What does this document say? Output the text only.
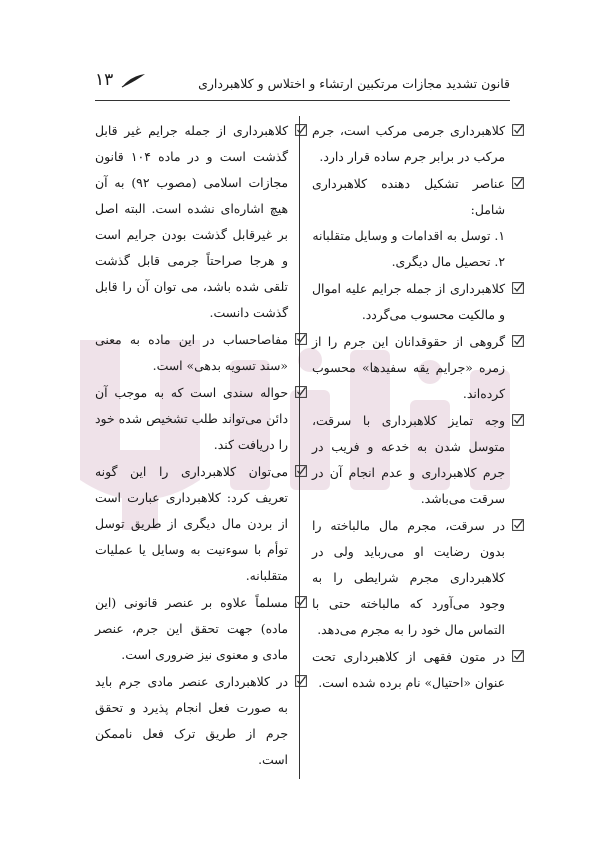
قانون تشدید مجازات مرتکبین ارتشاء و اختلاس و کلاهبرداری
۱۳
کلاهبرداری جرمی مرکب است، جرم مرکب در برابر جرم ساده قرار دارد.
عناصر تشکیل دهنده کلاهبرداری شامل:
۱. توسل به اقدامات و وسایل متقلبانه
۲. تحصیل مال دیگری.
کلاهبرداری از جمله جرایم علیه اموال و مالکیت محسوب می‌گردد.
گروهی از حقوقدانان این جرم را از زمره «جرایم یقه سفیدها» محسوب کرده‌اند.
وجه تمایز کلاهبرداری با سرقت، متوسل شدن به خدعه و فریب در جرم کلاهبرداری و عدم انجام آن در سرقت می‌باشد.
در سرقت، مجرم مال مالباخته را بدون رضایت او می‌رباید ولی در کلاهبرداری مجرم شرایطی را به وجود می‌آورد که مالباخته حتی با التماس مال خود را به مجرم می‌دهد.
در متون فقهی از کلاهبرداری تحت عنوان «احتیال» نام برده شده است.
کلاهبرداری از جمله جرایم غیر قابل گذشت است و در ماده ۱۰۴ قانون مجازات اسلامی (مصوب ۹۲) به آن هیچ اشاره‌ای نشده است. البته اصل بر غیرقابل گذشت بودن جرایم است و هرجا صراحتاً جرمی قابل گذشت تلقی شده باشد، می توان آن را قابل گذشت دانست.
مفاصاحساب در این ماده به معنی «سند تسویه بدهی» است.
حواله سندی است که به موجب آن دائن می‌تواند طلب تشخیص شده خود را دریافت کند.
می‌توان کلاهبرداری را این گونه تعریف کرد: کلاهبرداری عبارت است از بردن مال دیگری از طریق توسل توأم با سوءنیت به وسایل یا عملیات متقلبانه.
مسلماً علاوه بر عنصر قانونی (این ماده) جهت تحقق این جرم، عنصر مادی و معنوی نیز ضروری است.
در کلاهبرداری عنصر مادی جرم باید به صورت فعل انجام پذیرد و تحقق جرم از طریق ترک فعل ناممکن است.
